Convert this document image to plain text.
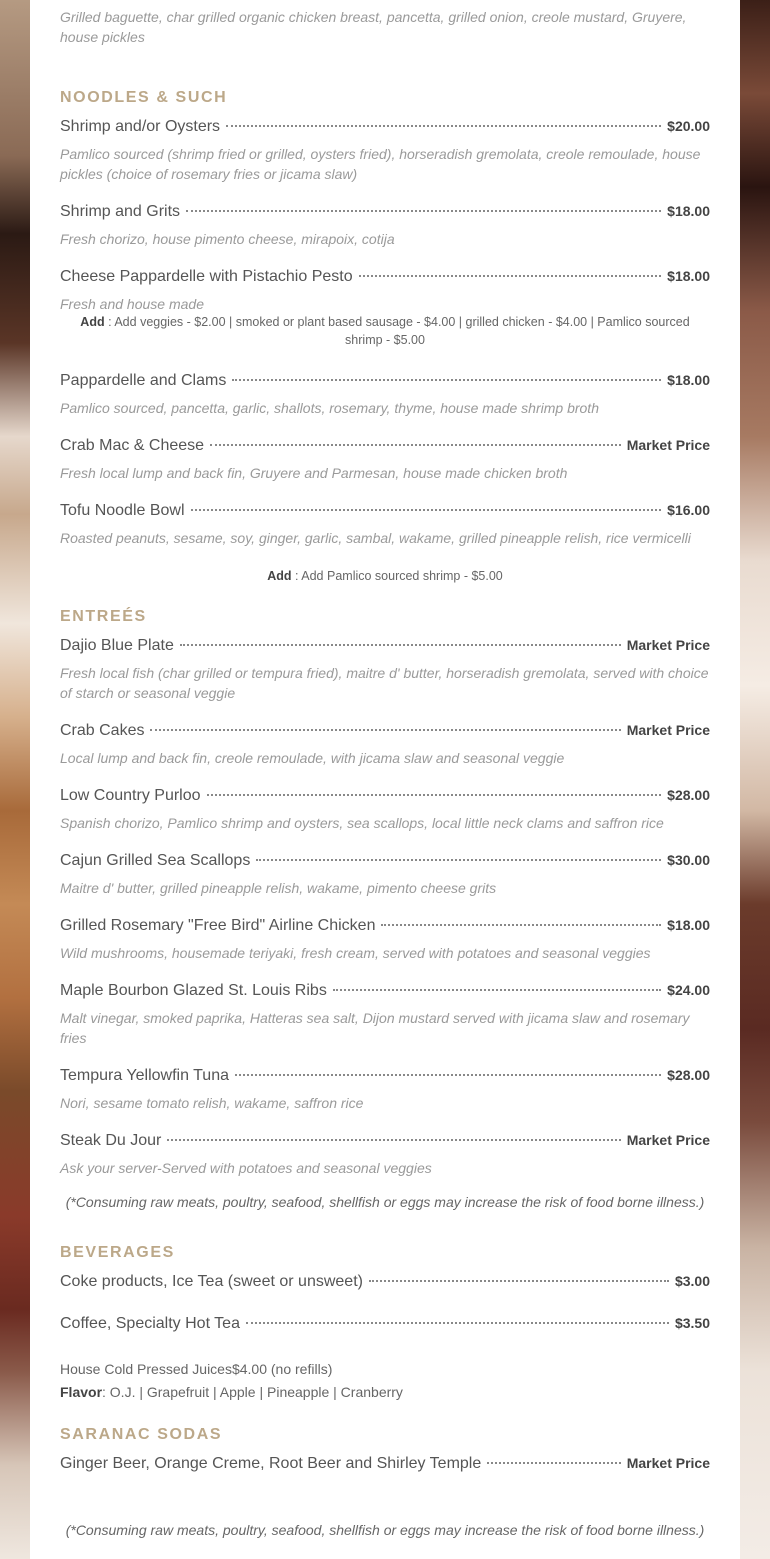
Grilled baguette, char grilled organic chicken breast, pancetta, grilled onion, creole mustard, Gruyere, house pickles
NOODLES & SUCH
Shrimp and/or Oysters	$20.00
Pamlico sourced (shrimp fried or grilled, oysters fried), horseradish gremolata, creole remoulade, house pickles (choice of rosemary fries or jicama slaw)
Shrimp and Grits	$18.00
Fresh chorizo, house pimento cheese, mirapoix, cotija
Cheese Pappardelle with Pistachio Pesto	$18.00
Fresh and house made
Add : Add veggies - $2.00 | smoked or plant based sausage - $4.00 | grilled chicken - $4.00 | Pamlico sourced shrimp - $5.00
Pappardelle and Clams	$18.00
Pamlico sourced, pancetta, garlic, shallots, rosemary, thyme, house made shrimp broth
Crab Mac & Cheese	Market Price
Fresh local lump and back fin, Gruyere and Parmesan, house made chicken broth
Tofu Noodle Bowl	$16.00
Roasted peanuts, sesame, soy, ginger, garlic, sambal, wakame, grilled pineapple relish, rice vermicelli
Add : Add Pamlico sourced shrimp - $5.00
ENTREÉS
Dajio Blue Plate	Market Price
Fresh local fish (char grilled or tempura fried), maitre d' butter, horseradish gremolata, served with choice of starch or seasonal veggie
Crab Cakes	Market Price
Local lump and back fin, creole remoulade, with jicama slaw and seasonal veggie
Low Country Purloo	$28.00
Spanish chorizo, Pamlico shrimp and oysters, sea scallops, local little neck clams and saffron rice
Cajun Grilled Sea Scallops	$30.00
Maitre d' butter, grilled pineapple relish, wakame, pimento cheese grits
Grilled Rosemary "Free Bird" Airline Chicken	$18.00
Wild mushrooms, housemade teriyaki, fresh cream, served with potatoes and seasonal veggies
Maple Bourbon Glazed St. Louis Ribs	$24.00
Malt vinegar, smoked paprika, Hatteras sea salt, Dijon mustard served with jicama slaw and rosemary fries
Tempura Yellowfin Tuna	$28.00
Nori, sesame tomato relish, wakame, saffron rice
Steak Du Jour	Market Price
Ask your server-Served with potatoes and seasonal veggies
(*Consuming raw meats, poultry, seafood, shellfish or eggs may increase the risk of food borne illness.)
BEVERAGES
Coke products, Ice Tea (sweet or unsweet)	$3.00
Coffee, Specialty Hot Tea	$3.50
House Cold Pressed Juices$4.00 (no refills)
Flavor: O.J. | Grapefruit | Apple | Pineapple | Cranberry
SARANAC SODAS
Ginger Beer, Orange Creme, Root Beer and Shirley Temple	Market Price
(*Consuming raw meats, poultry, seafood, shellfish or eggs may increase the risk of food borne illness.)
